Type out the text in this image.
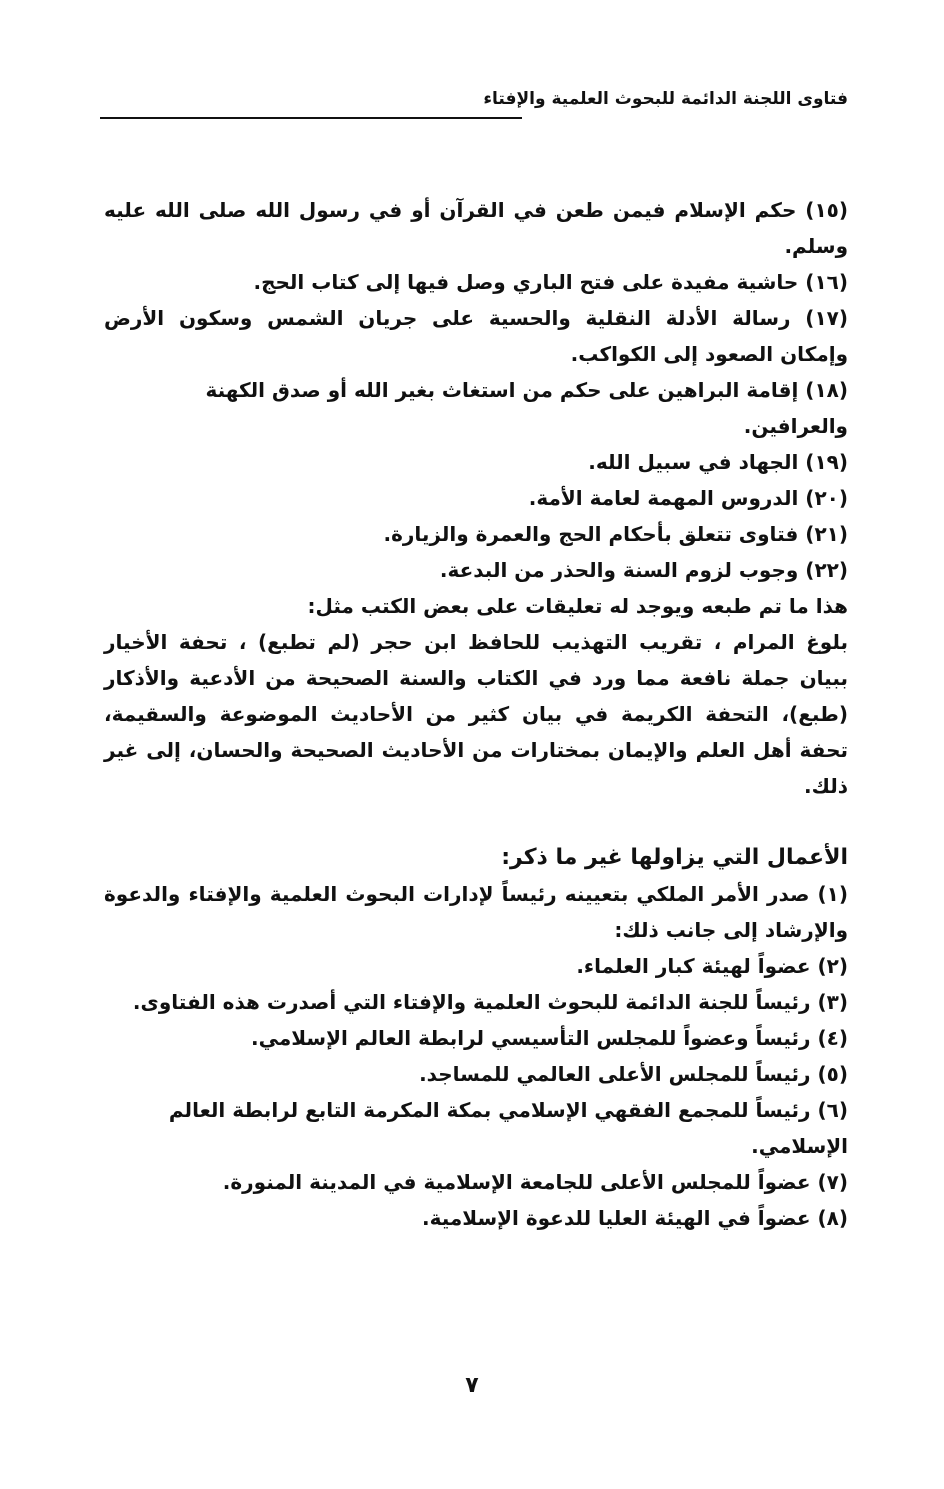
فتاوى اللجنة الدائمة للبحوث العلمية والإفتاء

(١٥) حكم الإسلام فيمن طعن في القرآن أو في رسول الله صلى الله عليه وسلم.

(١٦) حاشية مفيدة على فتح الباري وصل فيها إلى كتاب الحج.

(١٧) رسالة الأدلة النقلية والحسية على جريان الشمس وسكون الأرض وإمكان الصعود إلى الكواكب.

(١٨) إقامة البراهين على حكم من استغاث بغير الله أو صدق الكهنة والعرافين.

(١٩) الجهاد في سبيل الله.

(٢٠) الدروس المهمة لعامة الأمة.

(٢١) فتاوى تتعلق بأحكام الحج والعمرة والزيارة.

(٢٢) وجوب لزوم السنة والحذر من البدعة.

هذا ما تم طبعه ويوجد له تعليقات على بعض الكتب مثل:

بلوغ المرام ، تقريب التهذيب للحافظ ابن حجر (لم تطبع) ، تحفة الأخيار ببيان جملة نافعة مما ورد في الكتاب والسنة الصحيحة من الأدعية والأذكار (طبع)، التحفة الكريمة في بيان كثير من الأحاديث الموضوعة والسقيمة، تحفة أهل العلم والإيمان بمختارات من الأحاديث الصحيحة والحسان، إلى غير ذلك.

الأعمال التي يزاولها غير ما ذكر:

(١) صدر الأمر الملكي بتعيينه رئيساً لإدارات البحوث العلمية والإفتاء والدعوة والإرشاد إلى جانب ذلك:

(٢) عضواً لهيئة كبار العلماء.

(٣) رئيساً للجنة الدائمة للبحوث العلمية والإفتاء التي أصدرت هذه الفتاوى.

(٤) رئيساً وعضواً للمجلس التأسيسي لرابطة العالم الإسلامي.

(٥) رئيساً للمجلس الأعلى العالمي للمساجد.

(٦) رئيساً للمجمع الفقهي الإسلامي بمكة المكرمة التابع لرابطة العالم الإسلامي.

(٧) عضواً للمجلس الأعلى للجامعة الإسلامية في المدينة المنورة.

(٨) عضواً في الهيئة العليا للدعوة الإسلامية.

٧
